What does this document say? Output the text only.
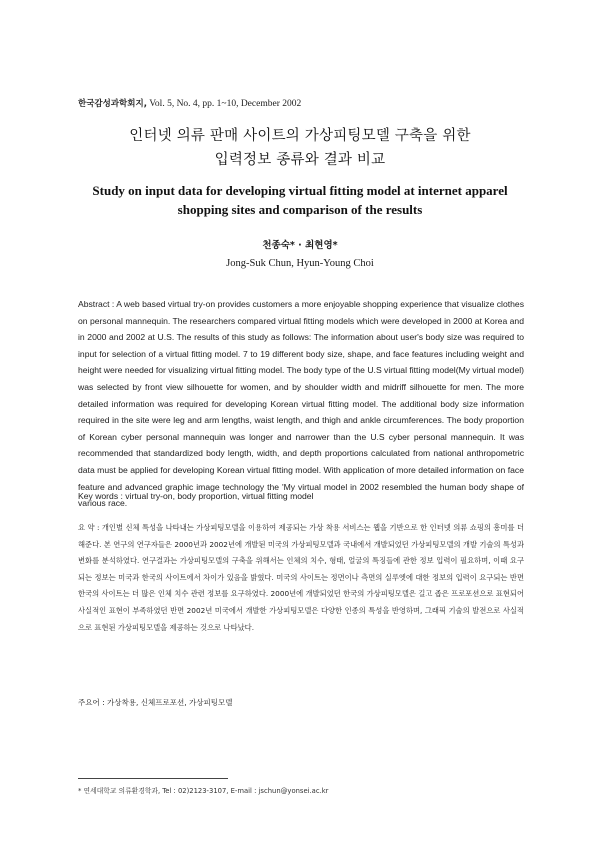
한국감성과학회지, Vol. 5, No. 4, pp. 1~10, December 2002
인터넷 의류 판매 사이트의 가상피팅모델 구축을 위한
입력정보 종류와 결과 비교
Study on input data for developing virtual fitting model at internet apparel shopping sites and comparison of the results
천종숙* · 최현영*
Jong-Suk Chun, Hyun-Young Choi

Abstract : A web based virtual try-on provides customers a more enjoyable shopping experience that visualize clothes on personal mannequin. The researchers compared virtual fitting models which were developed in 2000 at Korea and in 2000 and 2002 at U.S. The results of this study as follows: The information about user's body size was required to input for selection of a virtual fitting model. 7 to 19 different body size, shape, and face features including weight and height were needed for visualizing virtual fitting model. The body type of the U.S virtual fitting model(My virtual model) was selected by front view silhouette for women, and by shoulder width and midriff silhouette for men. The more detailed information was required for developing Korean virtual fitting model. The additional body size information required in the site were leg and arm lengths, waist length, and thigh and ankle circumferences. The body proportion of Korean cyber personal mannequin was longer and narrower than the U.S cyber personal mannequin. It was recommended that standardized body length, width, and depth proportions calculated from national anthropometric data must be applied for developing Korean virtual fitting model. With application of more detailed information on face feature and advanced graphic image technology the 'My virtual model in 2002 resembled the human body shape of various race.

Key words : virtual try-on, body proportion, virtual fitting model

요 약 : 개인별 신체 특성을 나타내는 가상피팅모델을 이용하여 제공되는 가상 착용 서비스는 웹을 기반으로 한 인터넷 의류 쇼핑의 흥미를 더해준다. 본 연구의 연구자들은 2000년과 2002년에 개발된 미국의 가상피팅모델과 국내에서 개발되었던 가상피팅모델의 개발 기술의 특성과 변화를 분석하였다. 연구결과는 가상피팅모델의 구축을 위해서는 인체의 치수, 형태, 얼굴의 특징들에 관한 정보 입력이 필요하며, 이때 요구되는 정보는 미국과 한국의 사이트에서 차이가 있음을 밝혔다. 미국의 사이트는 정면이나 측면의 실루엣에 대한 정보의 입력이 요구되는 반면 한국의 사이트는 더 많은 인체 치수 관련 정보를 요구하였다. 2000년에 개발되었던 한국의 가상피팅모델은 길고 좁은 프로포션으로 표현되어 사실적인 표현이 부족하였던 반면 2002년 미국에서 개발한 가상피팅모델은 다양한 인종의 특성을 반영하며, 그래픽 기술의 발전으로 사실적으로 표현된 가상피팅모델을 제공하는 것으로 나타났다.

주요어 : 가상착용, 신체프로포션, 가상피팅모델
* 연세대학교 의류환경학과, Tel : 02)2123-3107, E-mail : jschun@yonsei.ac.kr
